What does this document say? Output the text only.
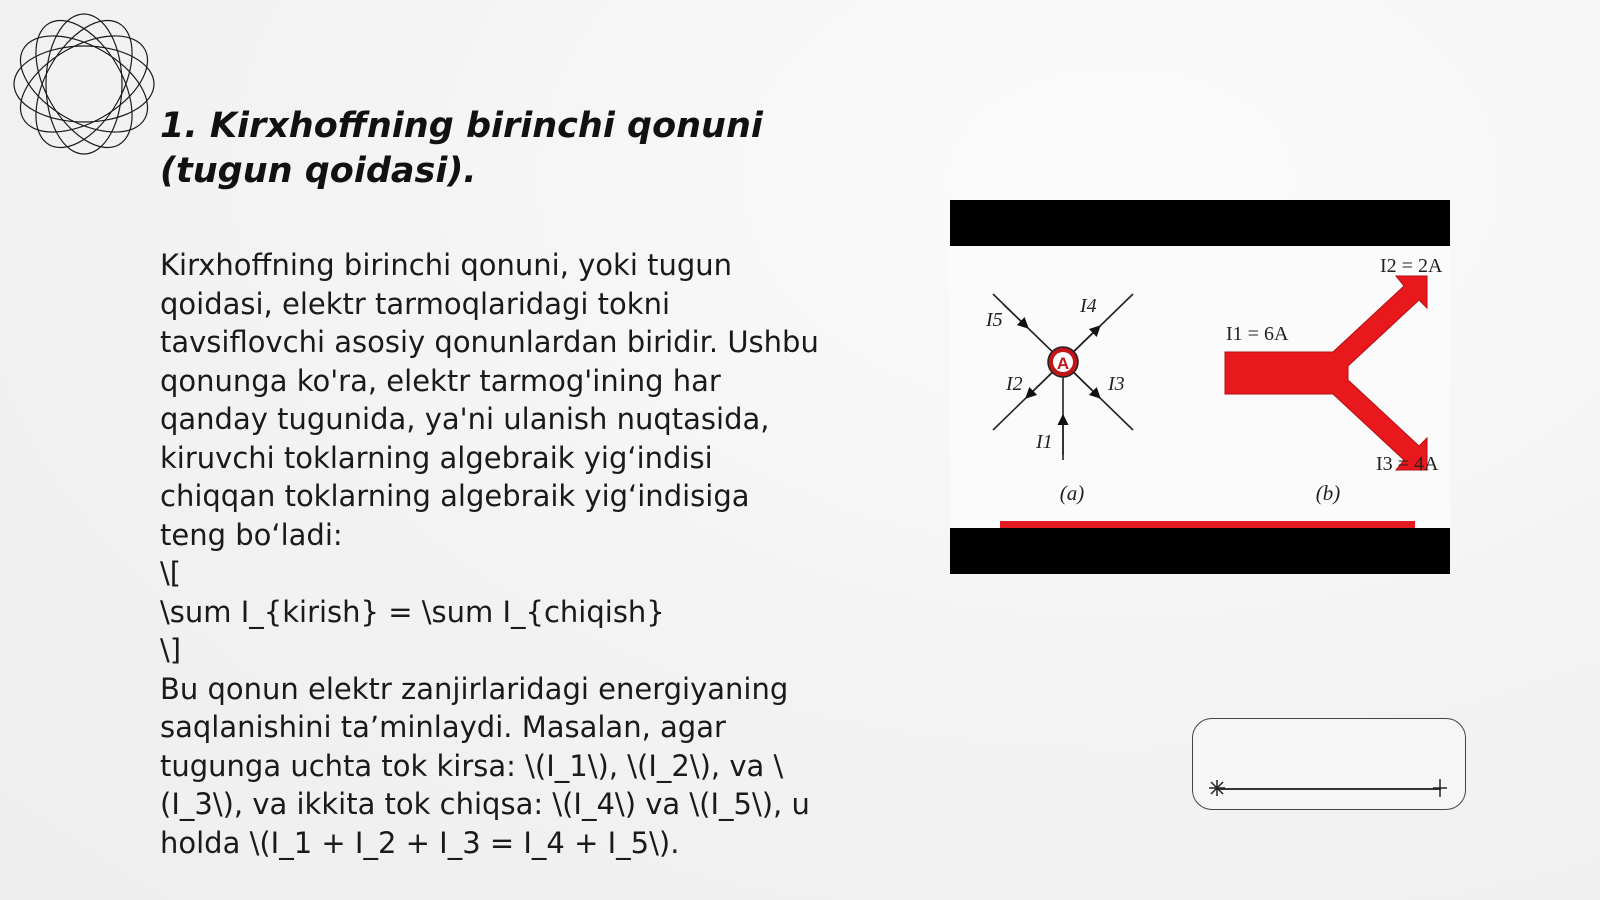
1. Kirxhoffning birinchi qonuni (tugun qoidasi).
Kirxhoffning birinchi qonuni, yoki tugun
qoidasi, elektr tarmoqlaridagi tokni
tavsiflovchi asosiy qonunlardan biridir. Ushbu
qonunga ko'ra, elektr tarmog'ining har
qanday tugunida, ya'ni ulanish nuqtasida,
kiruvchi toklarning algebraik yig‘indisi
chiqqan toklarning algebraik yig‘indisiga
teng bo‘ladi:
\[
\sum I_{kirish} = \sum I_{chiqish}
\]
Bu qonun elektr zanjirlaridagi energiyaning
saqlanishini ta’minlaydi. Masalan, agar
tugunga uchta tok kirsa: \(I_1\), \(I_2\), va \
(I_3\), va ikkita tok chiqsa: \(I_4\) va \(I_5\), u
holda \(I_1 + I_2 + I_3 = I_4 + I_5\).
A
I5
I4
I2	I3
I1
(a)
I1 = 6A
I2 = 2A
I3 = 4A
(b)
